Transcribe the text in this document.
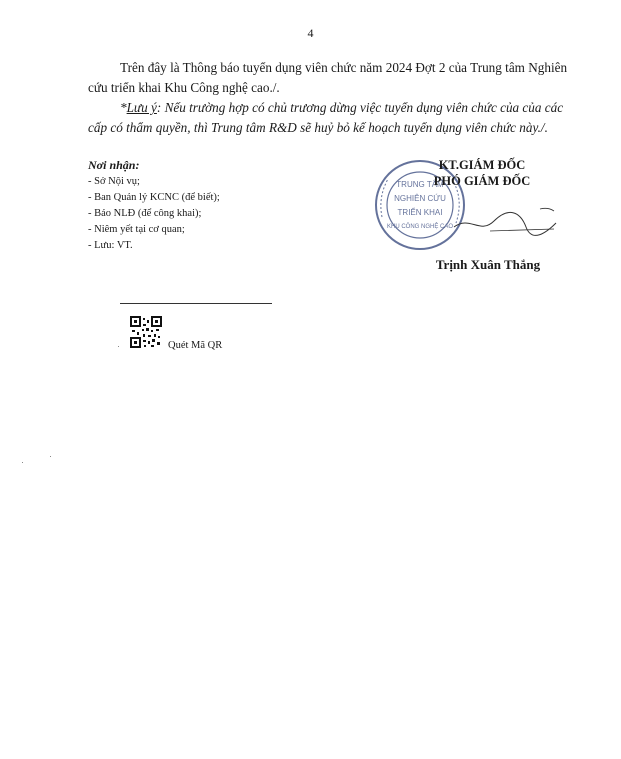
4
Trên đây là Thông báo tuyển dụng viên chức năm 2024 Đợt 2 của Trung tâm Nghiên cứu triển khai Khu Công nghệ cao./.
*Lưu ý: Nếu trường hợp có chủ trương dừng việc tuyển dụng viên chức của của các cấp có thẩm quyền, thì Trung tâm R&D sẽ huỷ bỏ kế hoạch tuyển dụng viên chức này./.
Nơi nhận:
- Sở Nội vụ;
- Ban Quản lý KCNC (để biết);
- Báo NLĐ (để công khai);
- Niêm yết tại cơ quan;
- Lưu: VT.
TRUNG TÂM
NGHIÊN CỨU
TRIỂN KHAI
KHU CÔNG NGHỆ CAO
KT.GIÁM ĐỐC
PHÓ GIÁM ĐỐC
Trịnh Xuân Thắng
Quét Mã QR
